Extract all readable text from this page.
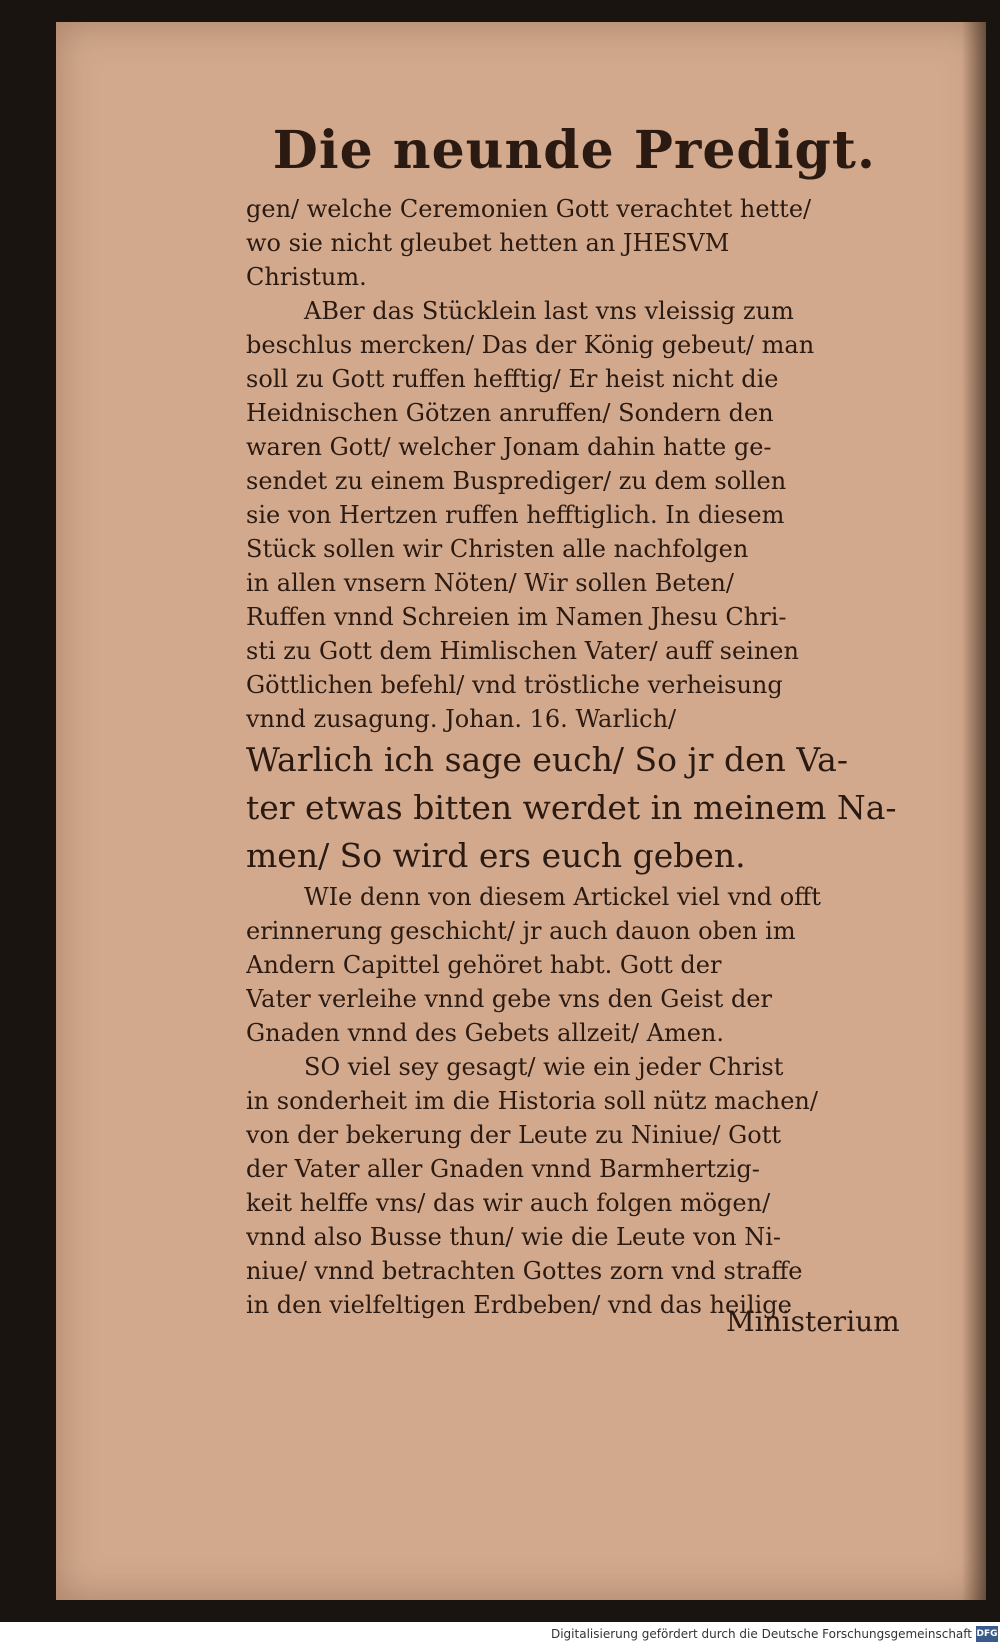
Die neunde Predigt.
gen/ welche Ceremonien Gott verachtet hette/
wo sie nicht gleubet hetten an JHESVM
Christum.
ABer das Stücklein last vns vleissig zum
beschlus mercken/ Das der König gebeut/ man
soll zu Gott ruffen hefftig/ Er heist nicht die
Heidnischen Götzen anruffen/ Sondern den
waren Gott/ welcher Jonam dahin hatte ge-
sendet zu einem Busprediger/ zu dem sollen
sie von Hertzen ruffen hefftiglich. In diesem
Stück sollen wir Christen alle nachfolgen
in allen vnsern Nöten/ Wir sollen Beten/
Ruffen vnnd Schreien im Namen Jhesu Chri-
sti zu Gott dem Himlischen Vater/ auff seinen
Göttlichen befehl/ vnd tröstliche verheisung
vnnd zusagung. Johan. 16. Warlich/
Warlich ich sage euch/ So jr den Va-
ter etwas bitten werdet in meinem Na-
men/ So wird ers euch geben.
WIe denn von diesem Artickel viel vnd offt
erinnerung geschicht/ jr auch dauon oben im
Andern Capittel gehöret habt. Gott der
Vater verleihe vnnd gebe vns den Geist der
Gnaden vnnd des Gebets allzeit/ Amen.
SO viel sey gesagt/ wie ein jeder Christ
in sonderheit im die Historia soll nütz machen/
von der bekerung der Leute zu Niniue/ Gott
der Vater aller Gnaden vnnd Barmhertzig-
keit helffe vns/ das wir auch folgen mögen/
vnnd also Busse thun/ wie die Leute von Ni-
niue/ vnnd betrachten Gottes zorn vnd straffe
in den vielfeltigen Erdbeben/ vnd das heilige
Ministerium
Digitalisierung gefördert durch die Deutsche Forschungsgemeinschaft DFG
